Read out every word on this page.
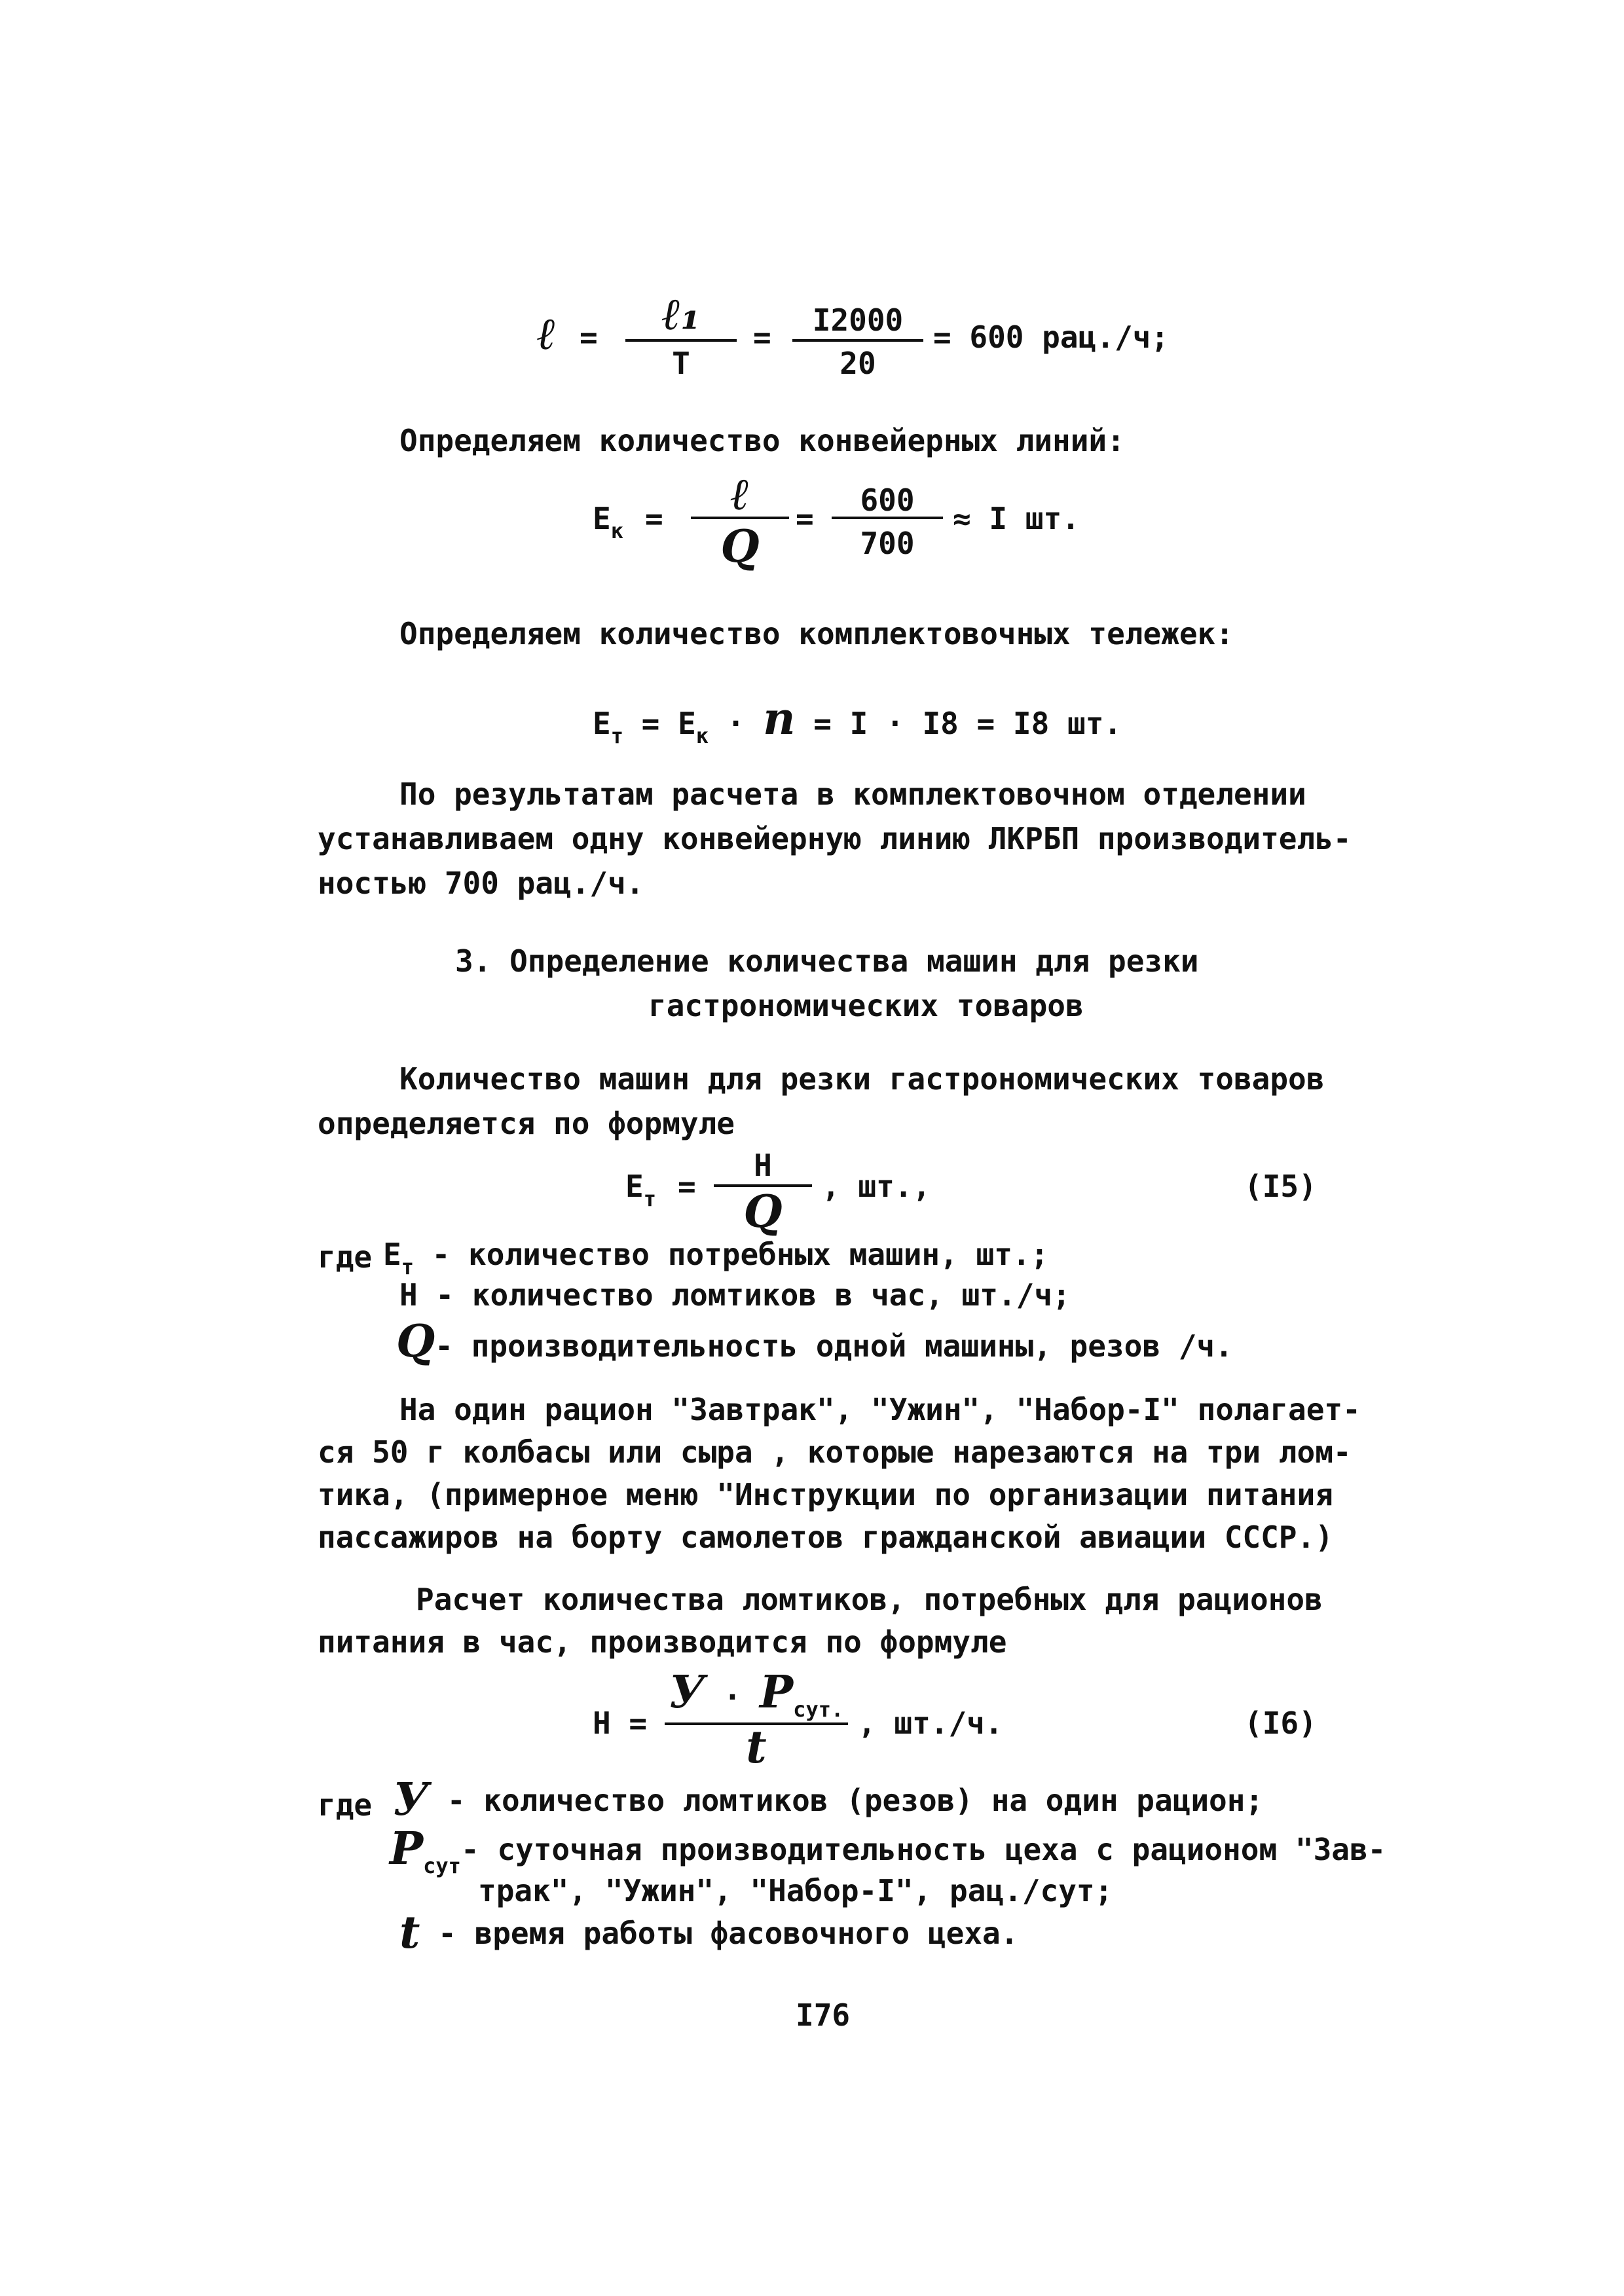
ℓ =	ℓ₁
Т
=	I2000
20
= 600 рац./ч;
Определяем количество конвейерных линий:
$E_к$ =	ℓ
Q
=
600
700
≈ I шт.
Определяем количество комплектовочных тележек:
$E_т = E_к \cdot n = I \cdot I8 = I8$ шт.
По результатам расчета в комплектовочном отделении
устанавливаем одну конвейерную линию ЛКРБП производитель-
ностью 700 рац./ч.
3. Определение количества машин для резки
гастрономических товаров
Количество машин для резки гастрономических товаров
определяется по формуле
$E_т$ =
Н
Q	, шт.,	(I5)
где $E_т$ - количество потребных машин, шт.;
Н - количество ломтиков в час, шт./ч;
Q- производительность одной машины, резов /ч.
На один рацион "Завтрак", "Ужин", "Набор-I" полагает-
ся 50 г колбасы или сыра , которые нарезаются на три лом-
тика, (примерное меню "Инструкции по организации питания
пассажиров на борту самолетов гражданской авиации СССР.)
Расчет количества ломтиков, потребных для рационов
питания в час, производится по формуле
Н =
$У \cdot P_{сут.}$
t	, шт./ч.	(I6)
где У - количество ломтиков (резов) на один рацион;
$P_{сут}-$ суточная производительность цеха с рационом "Зав-
трак", "Ужин", "Набор-I", рац./сут;
t - время работы фасовочного цеха.
I76
